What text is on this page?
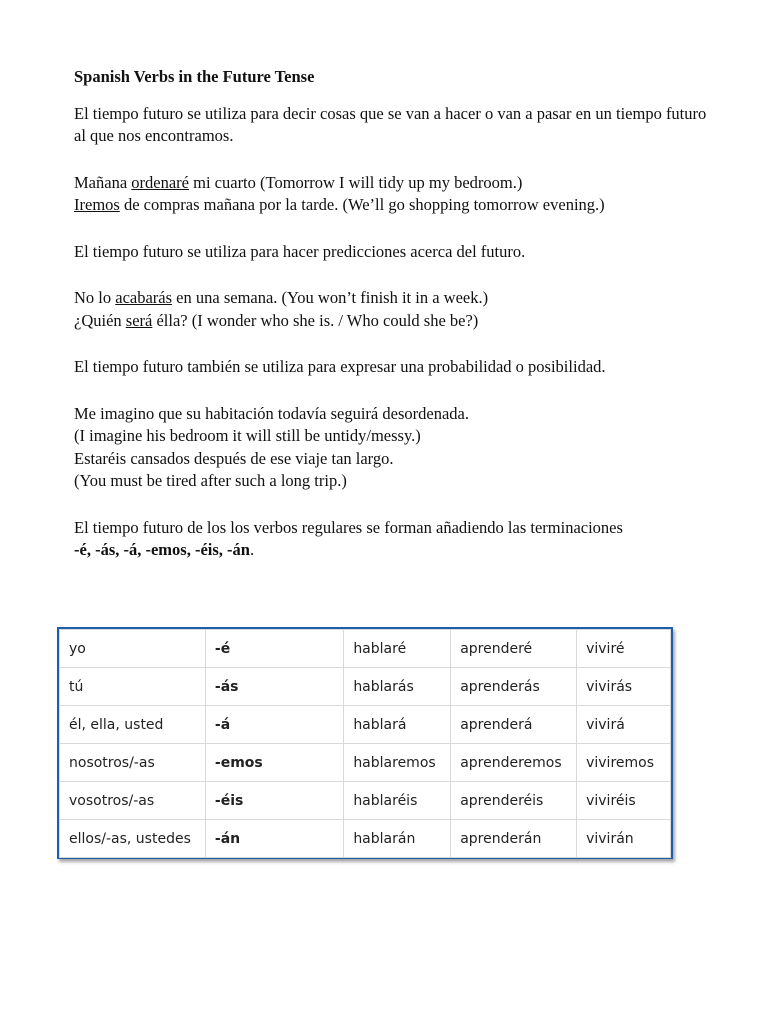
Spanish Verbs in the Future Tense

El tiempo futuro se utiliza para decir cosas que se van a hacer o van a pasar en un tiempo futuro al que nos encontramos.

Mañana ordenaré mi cuarto (Tomorrow I will tidy up my bedroom.)

Iremos de compras mañana por la tarde. (We’ll go shopping tomorrow evening.)

El tiempo futuro se utiliza para hacer predicciones acerca del futuro.

No lo acabarás en una semana. (You won’t finish it in a week.)

¿Quién será élla? (I wonder who she is. / Who could she be?)

El tiempo futuro también se utiliza para expresar una probabilidad o posibilidad.

Me imagino que su habitación todavía seguirá desordenada.

(I imagine his bedroom it will still be untidy/messy.)

Estaréis cansados después de ese viaje tan largo.

(You must be tired after such a long trip.)

El tiempo futuro de los los verbos regulares se forman añadiendo las terminaciones
-é, -ás, -á, -emos, -éis, -án.

yo	-é	hablaré	aprenderé	viviré
tú	-ás	hablarás	aprenderás	vivirás
él, ella, usted	-á	hablará	aprenderá	vivirá
nosotros/-as	-emos	hablaremos	aprenderemos	viviremos
vosotros/-as	-éis	hablaréis	aprenderéis	viviréis
ellos/-as, ustedes	-án	hablarán	aprenderán	vivirán
